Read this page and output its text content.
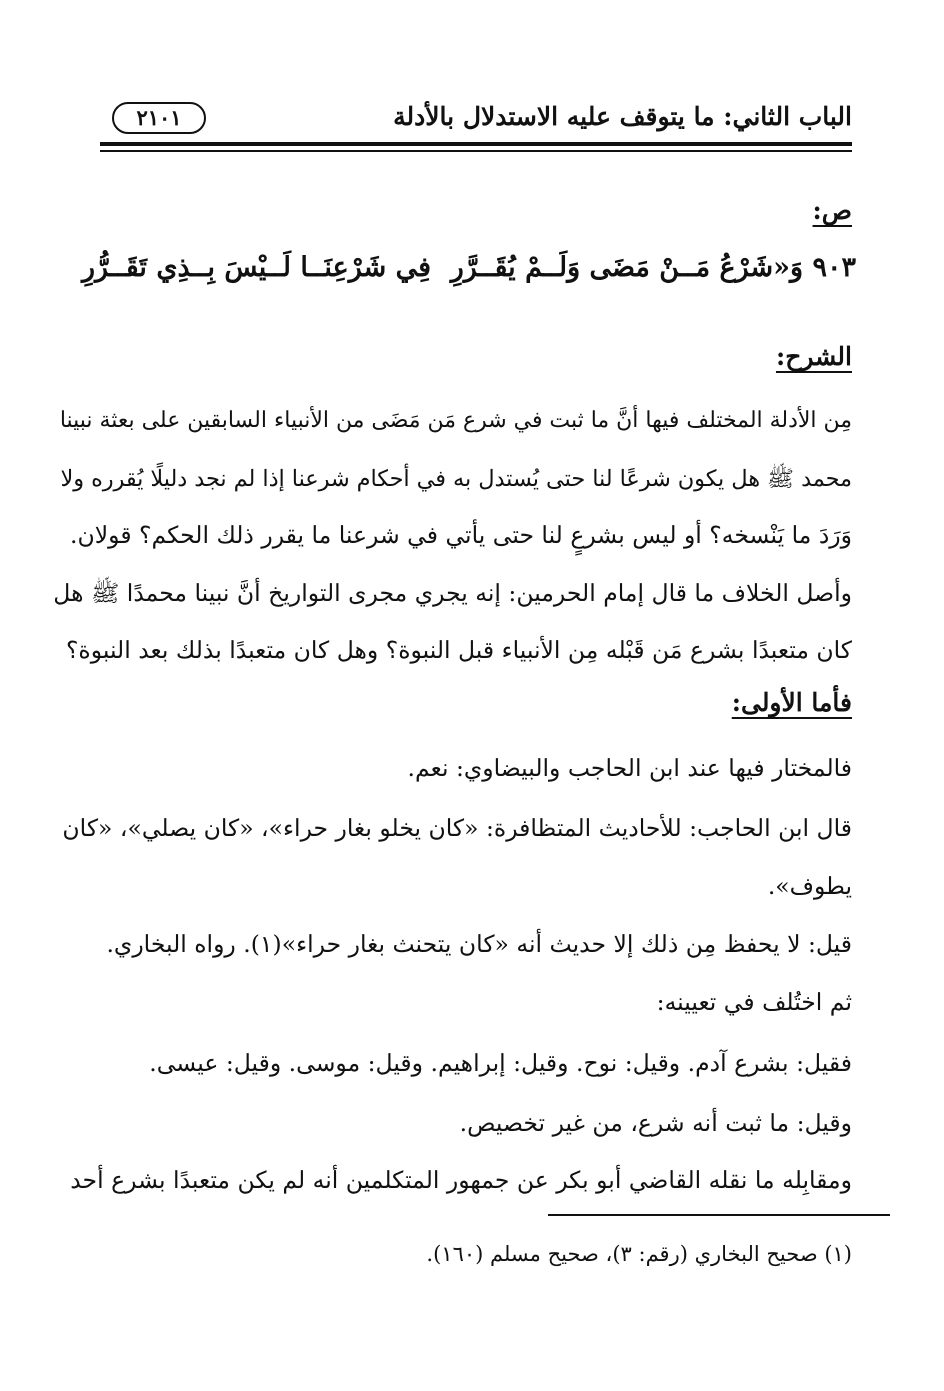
الباب الثاني: ما يتوقف عليه الاستدلال بالأدلة
٢١٠١
ص:
٩٠٣ وَ«شَرْعُ مَــنْ مَضَى وَلَــمْ يُقَــرَّرِ
فِي شَرْعِنَــا لَــيْسَ بِــذِي تَقَــرُّرِ
الشرح:
مِن الأدلة المختلف فيها أنَّ ما ثبت في شرع مَن مَضَى من الأنبياء السابقين على بعثة نبينا
محمد ﷺ هل يكون شرعًا لنا حتى يُستدل به في أحكام شرعنا إذا لم نجد دليلًا يُقرره ولا
وَرَدَ ما يَنْسخه؟ أو ليس بشرعٍ لنا حتى يأتي في شرعنا ما يقرر ذلك الحكم؟ قولان.
وأصل الخلاف ما قال إمام الحرمين: إنه يجري مجرى التواريخ أنَّ نبينا محمدًا ﷺ هل
كان متعبدًا بشرع مَن قَبْله مِن الأنبياء قبل النبوة؟ وهل كان متعبدًا بذلك بعد النبوة؟
فأما الأولى:
فالمختار فيها عند ابن الحاجب والبيضاوي: نعم.
قال ابن الحاجب: للأحاديث المتظافرة: «كان يخلو بغار حراء»، «كان يصلي»، «كان
يطوف».
قيل: لا يحفظ مِن ذلك إلا حديث أنه «كان يتحنث بغار حراء»(١). رواه البخاري.
ثم اختُلف في تعيينه:
فقيل: بشرع آدم. وقيل: نوح. وقيل: إبراهيم. وقيل: موسى. وقيل: عيسى.
وقيل: ما ثبت أنه شرع، من غير تخصيص.
ومقابِله ما نقله القاضي أبو بكر عن جمهور المتكلمين أنه لم يكن متعبدًا بشرع أحد
(١) صحيح البخاري (رقم: ٣)، صحيح مسلم (١٦٠).
